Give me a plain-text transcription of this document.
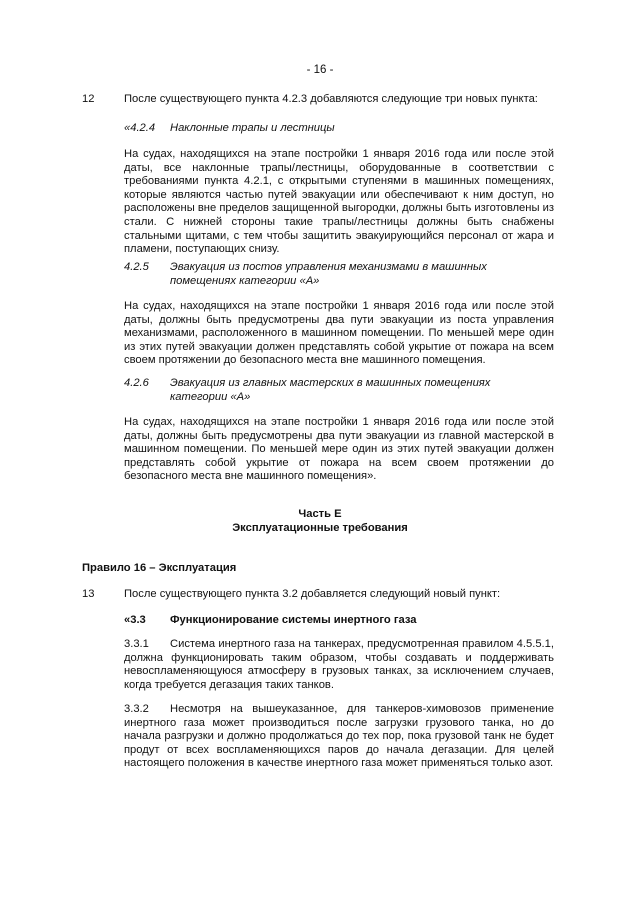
- 16 -
12	После существующего пункта 4.2.3 добавляются следующие три новых пункта:
«4.2.4 Наклонные трапы и лестницы
На судах, находящихся на этапе постройки 1 января 2016 года или после этой даты, все наклонные трапы/лестницы, оборудованные в соответствии с требованиями пункта 4.2.1, с открытыми ступенями в машинных помещениях, которые являются частью путей эвакуации или обеспечивают к ним доступ, но расположены вне пределов защищенной выгородки, должны быть изготовлены из стали. С нижней стороны такие трапы/лестницы должны быть снабжены стальными щитами, с тем чтобы защитить эвакуирующийся персонал от жара и пламени, поступающих снизу.
4.2.5 Эвакуация из постов управления механизмами в машинных помещениях категории «А»
На судах, находящихся на этапе постройки 1 января 2016 года или после этой даты, должны быть предусмотрены два пути эвакуации из поста управления механизмами, расположенного в машинном помещении. По меньшей мере один из этих путей эвакуации должен представлять собой укрытие от пожара на всем своем протяжении до безопасного места вне машинного помещения.
4.2.6 Эвакуация из главных мастерских в машинных помещениях категории «А»
На судах, находящихся на этапе постройки 1 января 2016 года или после этой даты, должны быть предусмотрены два пути эвакуации из главной мастерской в машинном помещении. По меньшей мере один из этих путей эвакуации должен представлять собой укрытие от пожара на всем своем протяжении до безопасного места вне машинного помещения».
Часть E
Эксплуатационные требования
Правило 16 – Эксплуатация
13	После существующего пункта 3.2 добавляется следующий новый пункт:
«3.3 Функционирование системы инертного газа
3.3.1 Система инертного газа на танкерах, предусмотренная правилом 4.5.5.1, должна функционировать таким образом, чтобы создавать и поддерживать невоспламеняющуюся атмосферу в грузовых танках, за исключением случаев, когда требуется дегазация таких танков.
3.3.2 Несмотря на вышеуказанное, для танкеров-химовозов применение инертного газа может производиться после загрузки грузового танка, но до начала разгрузки и должно продолжаться до тех пор, пока грузовой танк не будет продут от всех воспламеняющихся паров до начала дегазации. Для целей настоящего положения в качестве инертного газа может применяться только азот.
